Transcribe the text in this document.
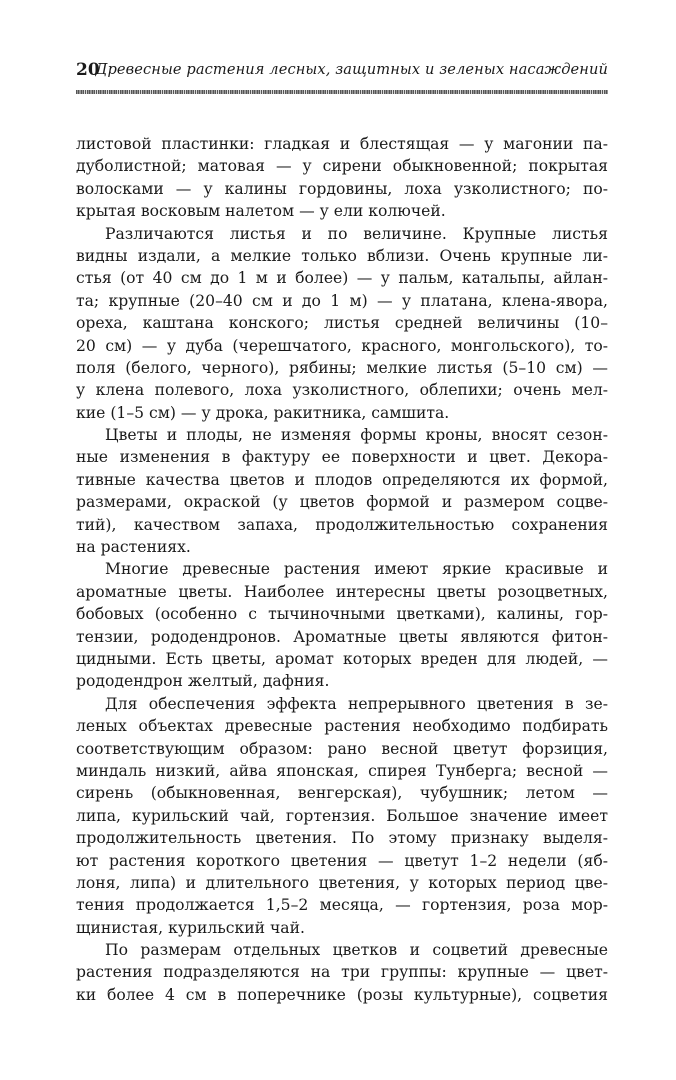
20
Древесные растения лесных, защитных и зеленых насаждений
листовой пластинки: гладкая и блестящая — у магонии па-
дуболистной; матовая — у сирени обыкновенной; покрытая
волосками — у калины гордовины, лоха узколистного; по-
крытая восковым налетом — у ели колючей.
Различаются листья и по величине. Крупные листья
видны издали, а мелкие только вблизи. Очень крупные ли-
стья (от 40 см до 1 м и более) — у пальм, катальпы, айлан-
та; крупные (20–40 см и до 1 м) — у платана, клена-явора,
ореха, каштана конского; листья средней величины (10–
20 см) — у дуба (черешчатого, красного, монгольского), то-
поля (белого, черного), рябины; мелкие листья (5–10 см) —
у клена полевого, лоха узколистного, облепихи; очень мел-
кие (1–5 см) — у дрока, ракитника, самшита.
Цветы и плоды, не изменяя формы кроны, вносят сезон-
ные изменения в фактуру ее поверхности и цвет. Декора-
тивные качества цветов и плодов определяются их формой,
размерами, окраской (у цветов формой и размером соцве-
тий), качеством запаха, продолжительностью сохранения
на растениях.
Многие древесные растения имеют яркие красивые и
ароматные цветы. Наиболее интересны цветы розоцветных,
бобовых (особенно с тычиночными цветками), калины, гор-
тензии, рододендронов. Ароматные цветы являются фитон-
цидными. Есть цветы, аромат которых вреден для людей, —
рододендрон желтый, дафния.
Для обеспечения эффекта непрерывного цветения в зе-
леных объектах древесные растения необходимо подбирать
соответствующим образом: рано весной цветут форзиция,
миндаль низкий, айва японская, спирея Тунберга; весной —
сирень (обыкновенная, венгерская), чубушник; летом —
липа, курильский чай, гортензия. Большое значение имеет
продолжительность цветения. По этому признаку выделя-
ют растения короткого цветения — цветут 1–2 недели (яб-
лоня, липа) и длительного цветения, у которых период цве-
тения продолжается 1,5–2 месяца, — гортензия, роза мор-
щинистая, курильский чай.
По размерам отдельных цветков и соцветий древесные
растения подразделяются на три группы: крупные — цвет-
ки более 4 см в поперечнике (розы культурные), соцветия
